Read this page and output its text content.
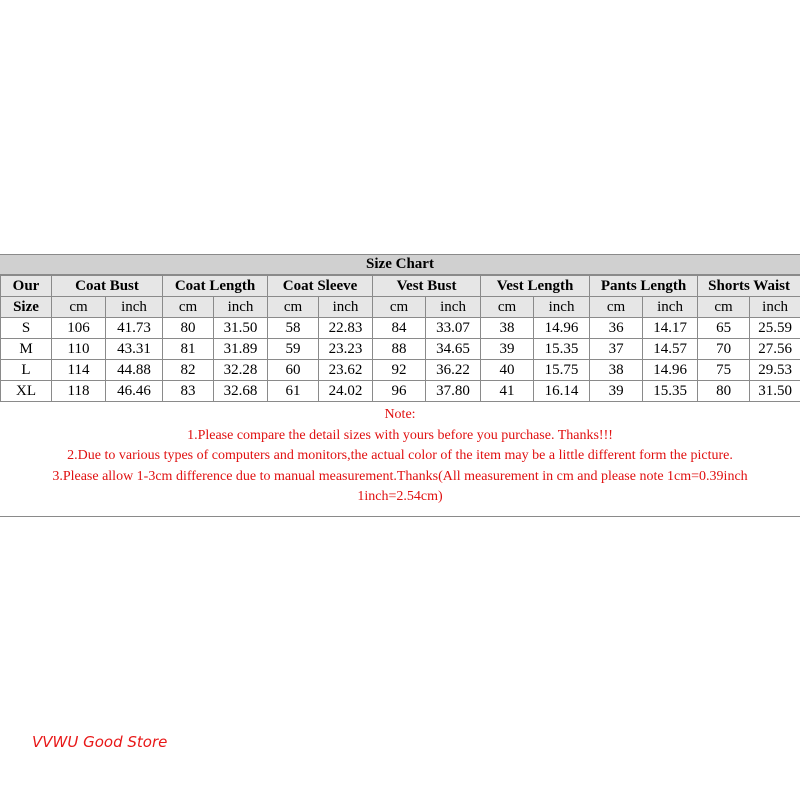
Size Chart
Our	Coat Bust		Coat Length		Coat Sleeve		Vest Bust		Vest Length		Pants Length		Shorts Waist	
Size	cm	inch	cm	inch	cm	inch	cm	inch	cm	inch	cm	inch	cm	inch
S	106	41.73	80	31.50	58	22.83	84	33.07	38	14.96	36	14.17	65	25.59
M	110	43.31	81	31.89	59	23.23	88	34.65	39	15.35	37	14.57	70	27.56
L	114	44.88	82	32.28	60	23.62	92	36.22	40	15.75	38	14.96	75	29.53
XL	118	46.46	83	32.68	61	24.02	96	37.80	41	16.14	39	15.35	80	31.50

Note:

1.Please compare the detail sizes with yours before you purchase. Thanks!!!

2.Due to various types of computers and monitors,the actual color of the item may be a little different form the picture.

3.Please allow 1-3cm difference due to manual measurement.Thanks(All measurement in cm and please note 1cm=0.39inch

1inch=2.54cm)

VVWU Good Store
